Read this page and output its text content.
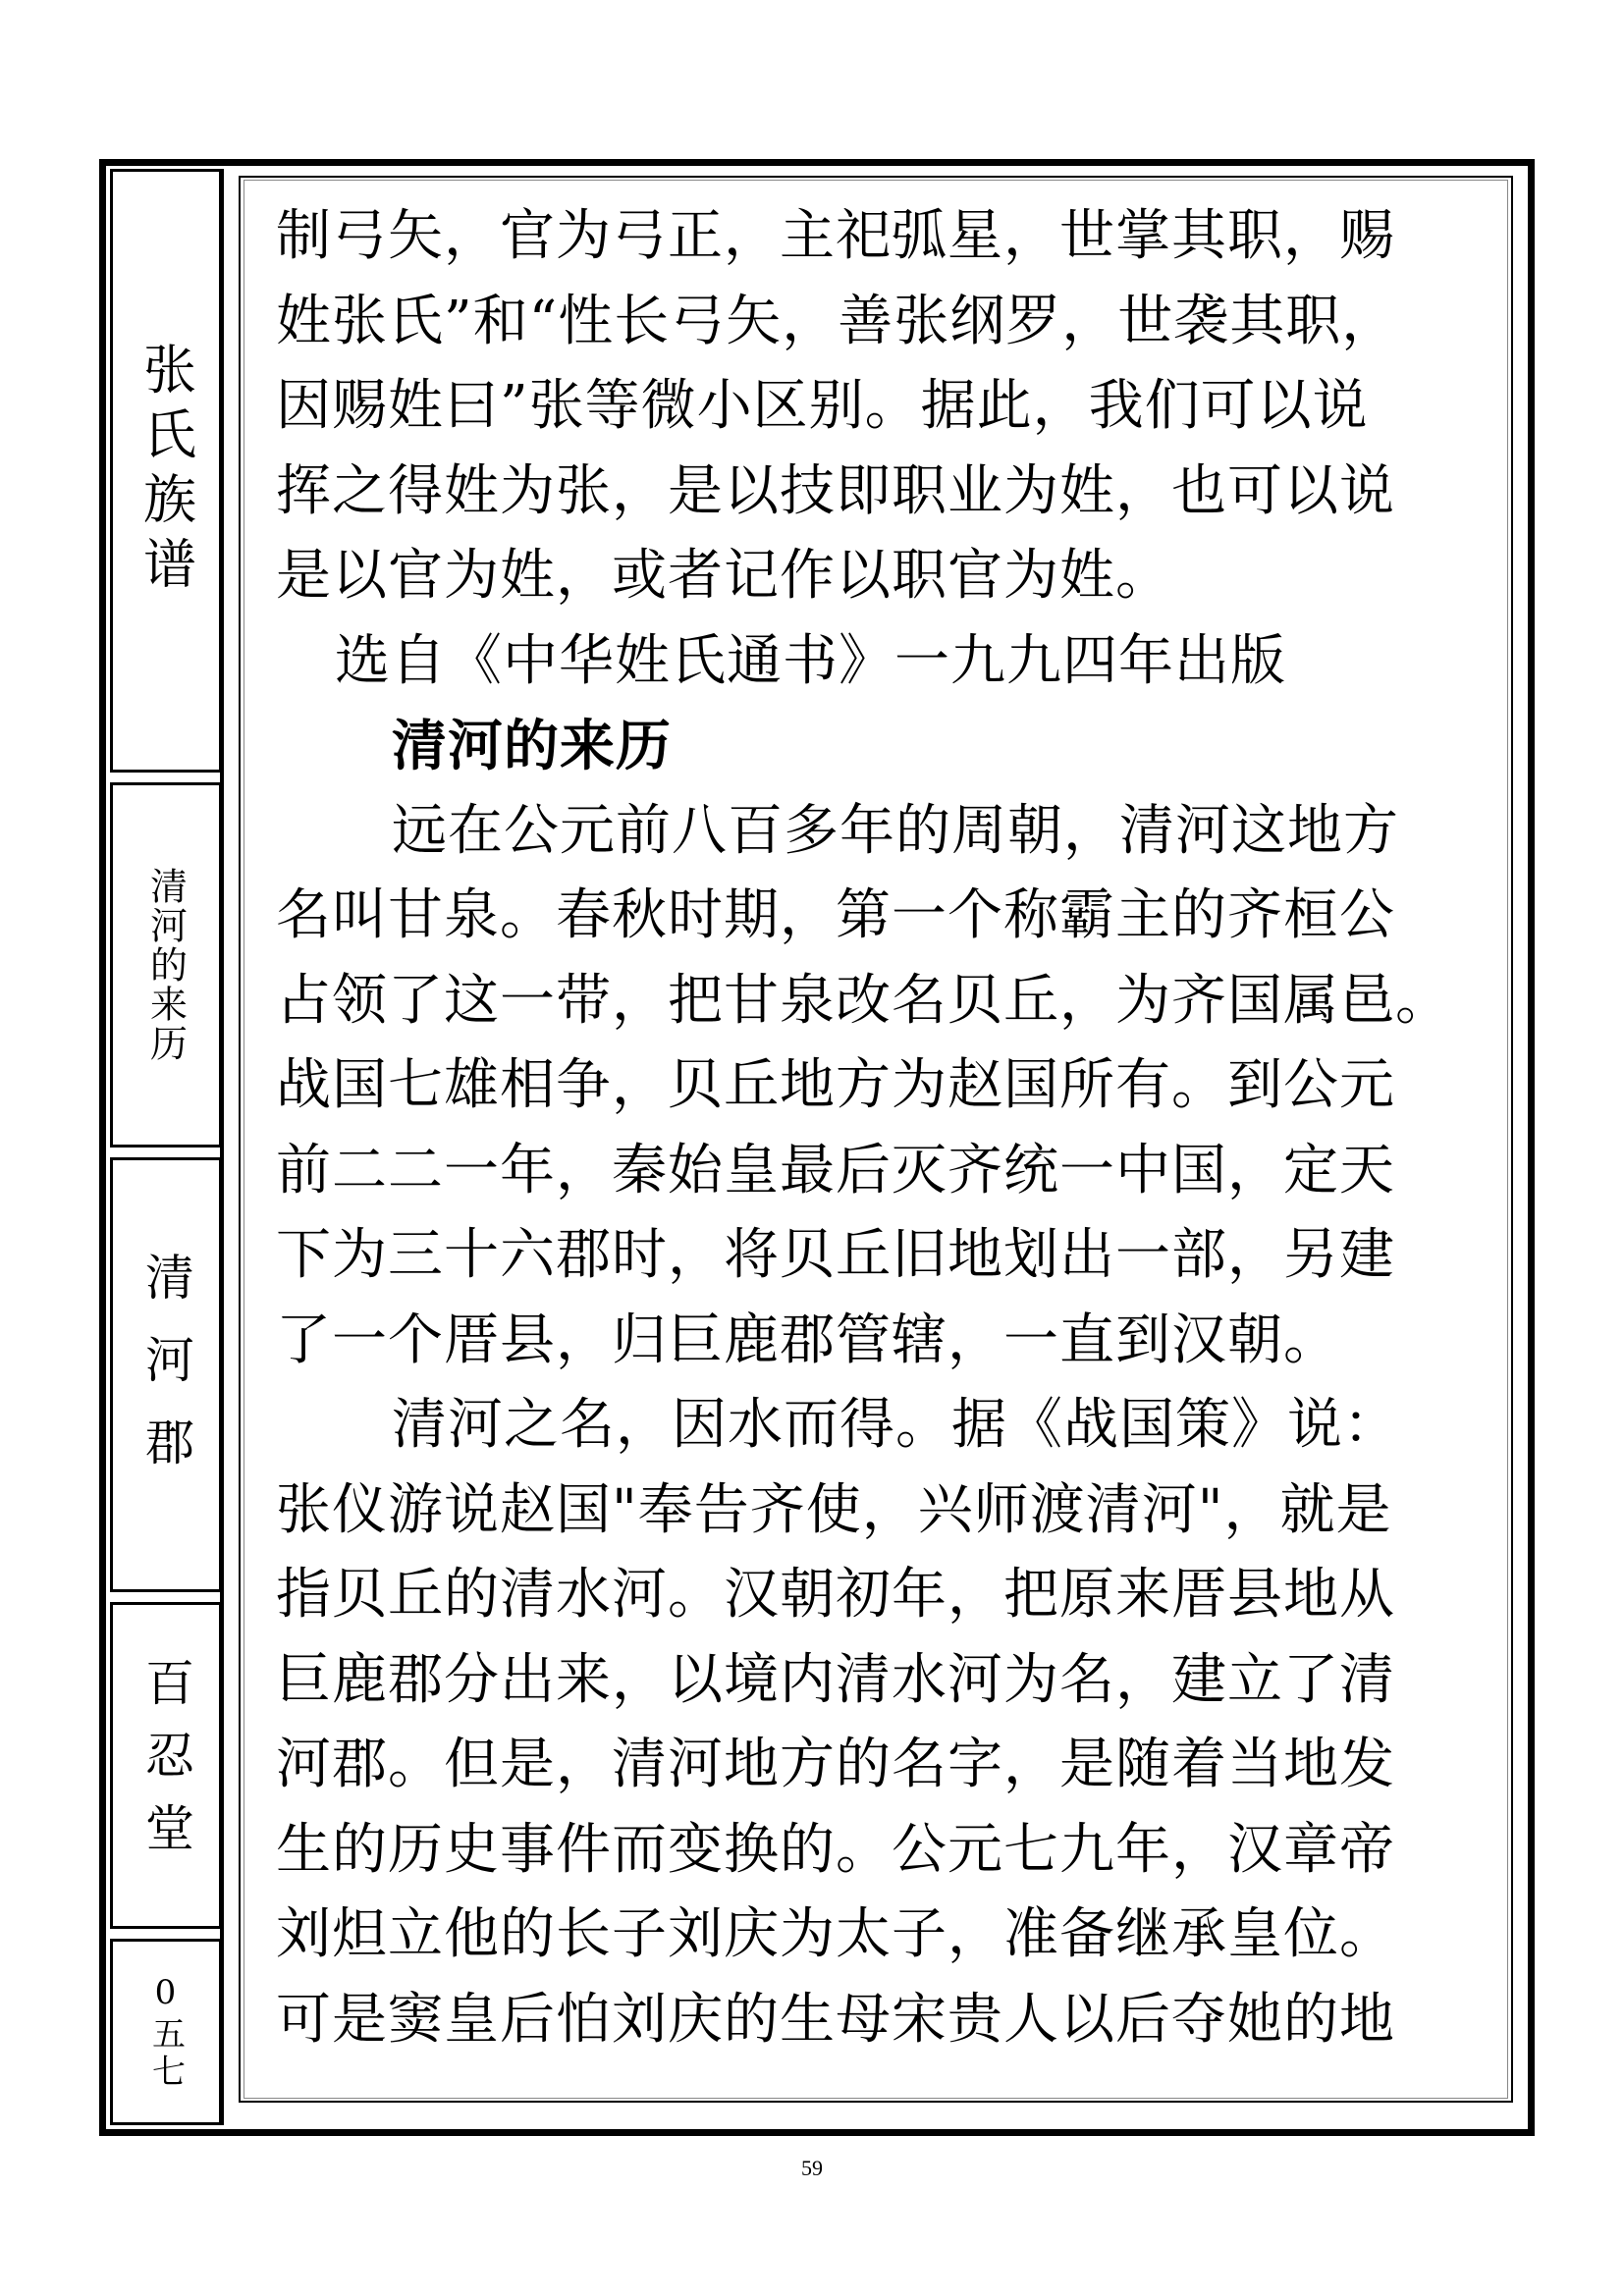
张氏族谱
清河的来历
清河郡
百忍堂
0五七
制弓矢，官为弓正，主祀弧星，世掌其职，赐
姓张氏”和“性长弓矢，善张纲罗，世袭其职，
因赐姓曰”张等微小区别。据此，我们可以说
挥之得姓为张，是以技即职业为姓，也可以说
是以官为姓，或者记作以职官为姓。
选自《中华姓氏通书》一九九四年出版
清河的来历
远在公元前八百多年的周朝，清河这地方
名叫甘泉。春秋时期，第一个称霸主的齐桓公
占领了这一带，把甘泉改名贝丘，为齐国属邑。
战国七雄相争，贝丘地方为赵国所有。到公元
前二二一年，秦始皇最后灭齐统一中国，定天
下为三十六郡时，将贝丘旧地划出一部，另建
了一个厝县，归巨鹿郡管辖，一直到汉朝。
清河之名，因水而得。据《战国策》说：
张仪游说赵国"奉告齐使，兴师渡清河"，就是
指贝丘的清水河。汉朝初年，把原来厝县地从
巨鹿郡分出来，以境内清水河为名，建立了清
河郡。但是，清河地方的名字，是随着当地发
生的历史事件而变换的。公元七九年，汉章帝
刘炟立他的长子刘庆为太子，准备继承皇位。
可是窦皇后怕刘庆的生母宋贵人以后夺她的地
59
